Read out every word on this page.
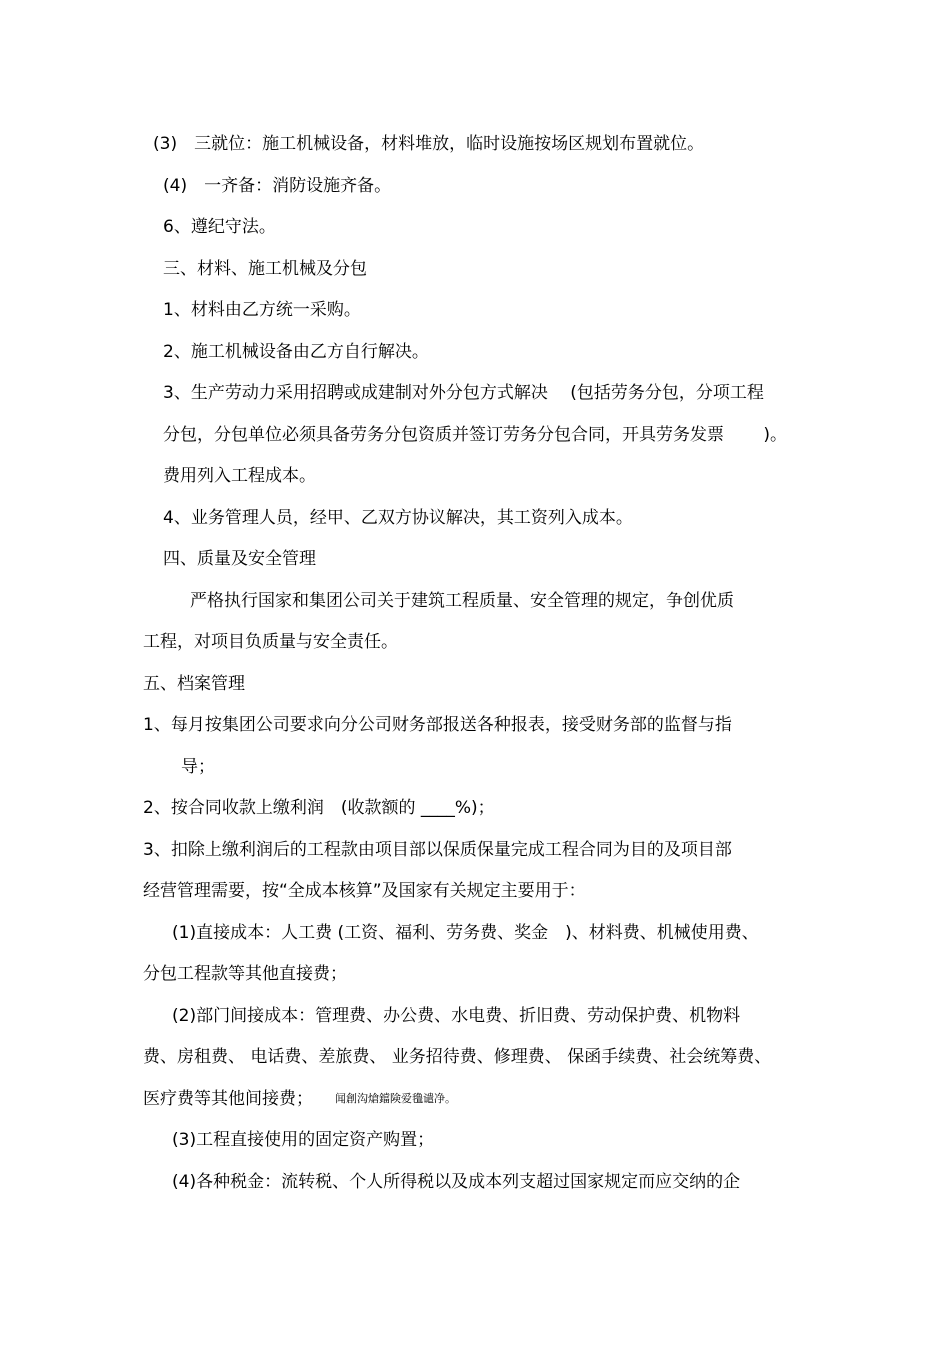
(3)　三就位：施工机械设备，材料堆放，临时设施按场区规划布置就位。
(4)　一齐备：消防设施齐备。
6、遵纪守法。
三、材料、施工机械及分包
1、材料由乙方统一采购。
2、施工机械设备由乙方自行解决。
3、生产劳动力采用招聘或成建制对外分包方式解决　 (包括劳务分包，分项工程
分包，分包单位必须具备劳务分包资质并签订劳务分包合同，开具劳务发票　　 )。
费用列入工程成本。
4、业务管理人员，经甲、乙双方协议解决，其工资列入成本。
四、质量及安全管理
严格执行国家和集团公司关于建筑工程质量、安全管理的规定，争创优质
工程，对项目负质量与安全责任。
五、档案管理
1、每月按集团公司要求向分公司财务部报送各种报表，接受财务部的监督与指
导；
2、按合同收款上缴利润　(收款额的 ____%)；
3、扣除上缴利润后的工程款由项目部以保质保量完成工程合同为目的及项目部
经营管理需要，按“全成本核算”及国家有关规定主要用于：
(1)直接成本：人工费 (工资、福利、劳务费、奖金　)、材料费、机械使用费、
分包工程款等其他直接费；
(2)部门间接成本：管理费、办公费、水电费、折旧费、劳动保护费、机物料
费、房租费、 电话费、差旅费、 业务招待费、修理费、 保函手续费、社会统筹费、
医疗费等其他间接费； 闻創沟熗鐺険爱氇谴净。
(3)工程直接使用的固定资产购置；
(4)各种税金：流转税、个人所得税以及成本列支超过国家规定而应交纳的企
